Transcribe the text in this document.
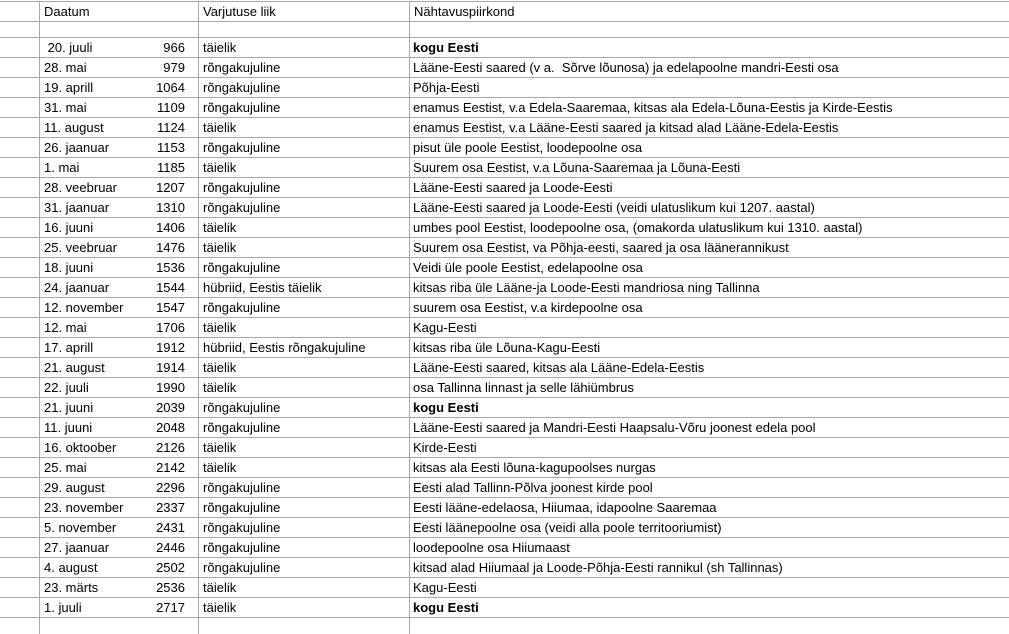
Daatum	Varjutuse liik	Nähtavuspiirkond
20. juuli	966	täielik	kogu Eesti
28. mai	979	rõngakujuline	Lääne-Eesti saared (v a.  Sõrve lõunosa) ja edelapoolne mandri-Eesti osa
19. aprill	1064	rõngakujuline	Põhja-Eesti
31. mai	1109	rõngakujuline	enamus Eestist, v.a Edela-Saaremaa, kitsas ala Edela-Lõuna-Eestis ja Kirde-Eestis
11. august	1124	täielik	enamus Eestist, v.a Lääne-Eesti saared ja kitsad alad Lääne-Edela-Eestis
26. jaanuar	1153	rõngakujuline	pisut üle poole Eestist, loodepoolne osa
1. mai	1185	täielik	Suurem osa Eestist, v.a Lõuna-Saaremaa ja Lõuna-Eesti
28. veebruar	1207	rõngakujuline	Lääne-Eesti saared ja Loode-Eesti
31. jaanuar	1310	rõngakujuline	Lääne-Eesti saared ja Loode-Eesti (veidi ulatuslikum kui 1207. aastal)
16. juuni	1406	täielik	umbes pool Eestist, loodepoolne osa, (omakorda ulatuslikum kui 1310. aastal)
25. veebruar	1476	täielik	Suurem osa Eestist, va Põhja-eesti, saared ja osa läänerannikust
18. juuni	1536	rõngakujuline	Veidi üle poole Eestist, edelapoolne osa
24. jaanuar	1544	hübriid, Eestis täielik	kitsas riba üle Lääne-ja Loode-Eesti mandriosa ning Tallinna
12. november	1547	rõngakujuline	suurem osa Eestist, v.a kirdepoolne osa
12. mai	1706	täielik	Kagu-Eesti
17. aprill	1912	hübriid, Eestis rõngakujuline	kitsas riba üle Lõuna-Kagu-Eesti
21. august	1914	täielik	Lääne-Eesti saared, kitsas ala Lääne-Edela-Eestis
22. juuli	1990	täielik	osa Tallinna linnast ja selle lähiümbrus
21. juuni	2039	rõngakujuline	kogu Eesti
11. juuni	2048	rõngakujuline	Lääne-Eesti saared ja Mandri-Eesti Haapsalu-Võru joonest edela pool
16. oktoober	2126	täielik	Kirde-Eesti
25. mai	2142	täielik	kitsas ala Eesti lõuna-kagupoolses nurgas
29. august	2296	rõngakujuline	Eesti alad Tallinn-Põlva joonest kirde pool
23. november	2337	rõngakujuline	Eesti lääne-edelaosa, Hiiumaa, idapoolne Saaremaa
5. november	2431	rõngakujuline	Eesti läänepoolne osa (veidi alla poole territooriumist)
27. jaanuar	2446	rõngakujuline	loodepoolne osa Hiiumaast
4. august	2502	rõngakujuline	kitsad alad Hiiumaal ja Loode-Põhja-Eesti rannikul (sh Tallinnas)
23. märts	2536	täielik	Kagu-Eesti
1. juuli	2717	täielik	kogu Eesti
